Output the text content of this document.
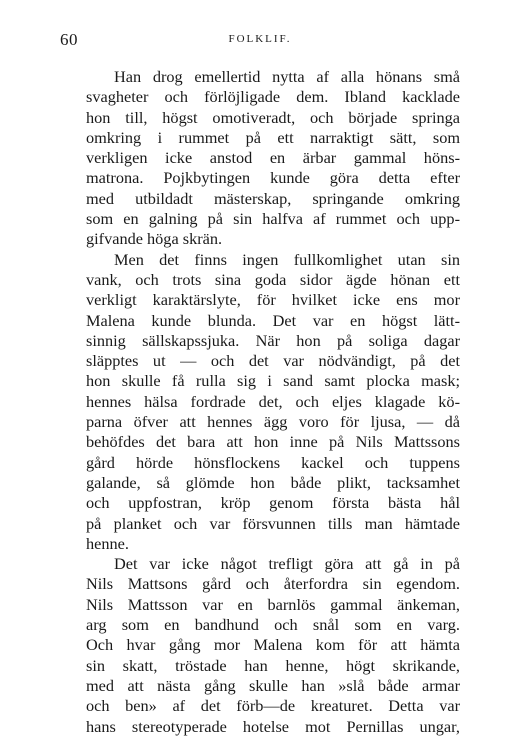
60	FOLKLIF.
Han drog emellertid nytta af alla hönans små
svagheter och förlöjligade dem. Ibland kacklade
hon till, högst omotiveradt, och började springa
omkring i rummet på ett narraktigt sätt, som
verkligen icke anstod en ärbar gammal höns-
matrona. Pojkbytingen kunde göra detta efter
med utbildadt mästerskap, springande omkring
som en galning på sin halfva af rummet och upp-
gifvande höga skrän.
Men det finns ingen fullkomlighet utan sin
vank, och trots sina goda sidor ägde hönan ett
verkligt karaktärslyte, för hvilket icke ens mor
Malena kunde blunda. Det var en högst lätt-
sinnig sällskapssjuka. När hon på soliga dagar
släpptes ut — och det var nödvändigt, på det
hon skulle få rulla sig i sand samt plocka mask;
hennes hälsa fordrade det, och eljes klagade kö-
parna öfver att hennes ägg voro för ljusa, — då
behöfdes det bara att hon inne på Nils Mattssons
gård hörde hönsflockens kackel och tuppens
galande, så glömde hon både plikt, tacksamhet
och uppfostran, kröp genom första bästa hål
på planket och var försvunnen tills man hämtade
henne.
Det var icke något trefligt göra att gå in på
Nils Mattsons gård och återfordra sin egendom.
Nils Mattsson var en barnlös gammal änkeman,
arg som en bandhund och snål som en varg.
Och hvar gång mor Malena kom för att hämta
sin skatt, tröstade han henne, högt skrikande,
med att nästa gång skulle han »slå både armar
och ben» af det förb—de kreaturet. Detta var
hans stereotyperade hotelse mot Pernillas ungar,
